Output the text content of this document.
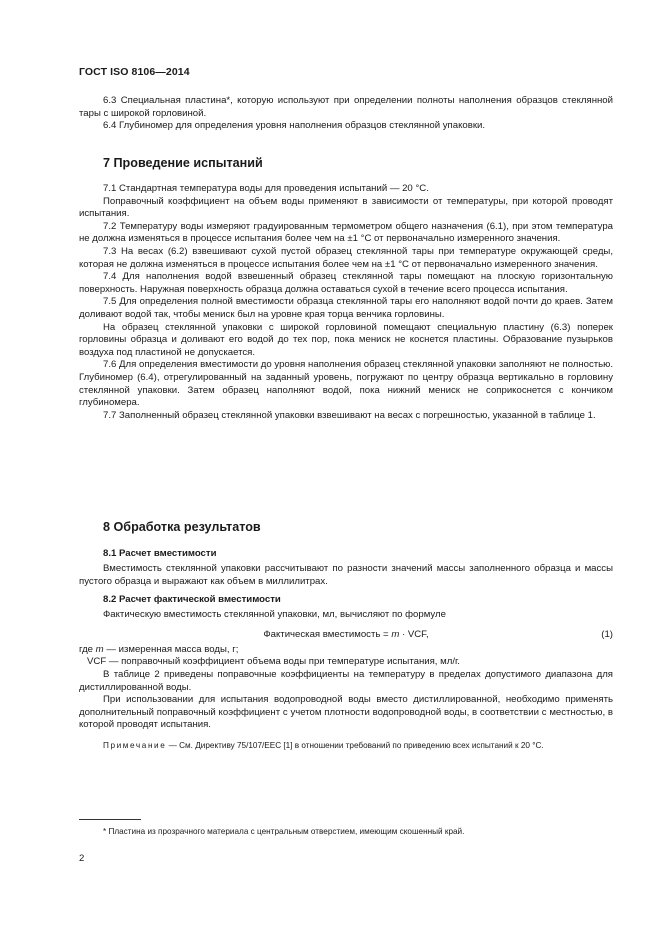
ГОСТ ISO 8106—2014

6.3 Специальная пластина*, которую используют при определении полноты наполнения образцов стеклянной тары с широкой горловиной.

6.4 Глубиномер для определения уровня наполнения образцов стеклянной упаковки.

7 Проведение испытаний

7.1 Стандартная температура воды для проведения испытаний — 20 °С.

Поправочный коэффициент на объем воды применяют в зависимости от температуры, при которой проводят испытания.

7.2 Температуру воды измеряют градуированным термометром общего назначения (6.1), при этом температура не должна изменяться в процессе испытания более чем на ±1 °С от первоначально измеренного значения.

7.3 На весах (6.2) взвешивают сухой пустой образец стеклянной тары при температуре окружающей среды, которая не должна изменяться в процессе испытания более чем на ±1 °С от первоначально измеренного значения.

7.4 Для наполнения водой взвешенный образец стеклянной тары помещают на плоскую горизонтальную поверхность. Наружная поверхность образца должна оставаться сухой в течение всего процесса испытания.

7.5 Для определения полной вместимости образца стеклянной тары его наполняют водой почти до краев. Затем доливают водой так, чтобы мениск был на уровне края торца венчика горловины.

На образец стеклянной упаковки с широкой горловиной помещают специальную пластину (6.3) поперек горловины образца и доливают его водой до тех пор, пока мениск не коснется пластины. Образование пузырьков воздуха под пластиной не допускается.

7.6 Для определения вместимости до уровня наполнения образец стеклянной упаковки заполняют не полностью. Глубиномер (6.4), отрегулированный на заданный уровень, погружают по центру образца вертикально в горловину стеклянной упаковки. Затем образец наполняют водой, пока нижний мениск не соприкоснется с кончиком глубиномера.

7.7 Заполненный образец стеклянной упаковки взвешивают на весах с погрешностью, указанной в таблице 1.

8 Обработка результатов

8.1 Расчет вместимости

Вместимость стеклянной упаковки рассчитывают по разности значений массы заполненного образца и массы пустого образца и выражают как объем в миллилитрах.

8.2 Расчет фактической вместимости

Фактическую вместимость стеклянной упаковки, мл, вычисляют по формуле

Фактическая вместимость = m · VCF,	(1)
где m — измеренная масса воды, г;
VCF — поправочный коэффициент объема воды при температуре испытания, мл/г.

В таблице 2 приведены поправочные коэффициенты на температуру в пределах допустимого диапазона для дистиллированной воды.

При использовании для испытания водопроводной воды вместо дистиллированной, необходимо применять дополнительный поправочный коэффициент с учетом плотности водопроводной воды, в соответствии с местностью, в которой проводят испытания.

Примечание — См. Директиву 75/107/EEC [1] в отношении требований по приведению всех испытаний к 20 °С.

* Пластина из прозрачного материала с центральным отверстием, имеющим скошенный край.
2
